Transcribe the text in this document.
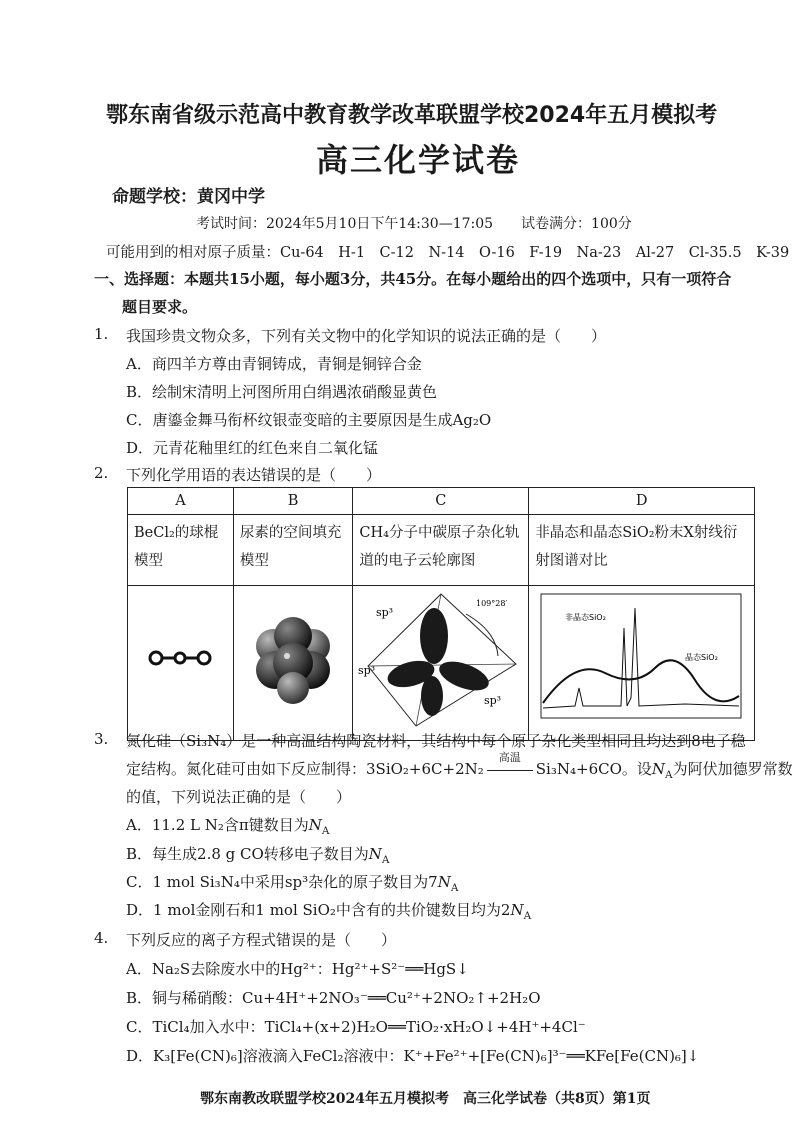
鄂东南省级示范高中教育教学改革联盟学校2024年五月模拟考
高三化学试卷
命题学校：黄冈中学
考试时间：2024年5月10日下午14:30—17:05　　试卷满分：100分
可能用到的相对原子质量：Cu-64　H-1　C-12　N-14　O-16　F-19　Na-23　Al-27　Cl-35.5　K-39
一、选择题：本题共15小题，每小题3分，共45分。在每小题给出的四个选项中，只有一项符合
题目要求。
1. 我国珍贵文物众多，下列有关文物中的化学知识的说法正确的是（　　）
A．商四羊方尊由青铜铸成，青铜是铜锌合金
B．绘制宋清明上河图所用白绢遇浓硝酸显黄色
C．唐鎏金舞马衔杯纹银壶变暗的主要原因是生成Ag₂O
D．元青花釉里红的红色来自二氧化锰
2. 下列化学用语的表达错误的是（　　）
A	B	C	D
BeCl₂的球棍模型	尿素的空间填充模型	CH₄分子中碳原子杂化轨道的电子云轮廓图	非晶态和晶态SiO₂粉末X射线衍射图谱对比

sp³
sp³
sp³
109°28′	非晶态SiO₂
晶态SiO₂
3. 氮化硅（Si₃N₄）是一种高温结构陶瓷材料，其结构中每个原子杂化类型相同且均达到8电子稳
定结构。氮化硅可由如下反应制得：3SiO₂+6C+2N₂
高温
Si₃N₄+6CO。设$N_A$为阿伏加德罗常数
的值，下列说法正确的是（　　）
A．11.2 L N₂含π键数目为$N_A$
B．每生成2.8 g CO转移电子数目为$N_A$
C．1 mol Si₃N₄中采用sp³杂化的原子数目为$7N_A$
D．1 mol金刚石和1 mol SiO₂中含有的共价键数目均为$2N_A$
4. 下列反应的离子方程式错误的是（　　）
A．Na₂S去除废水中的Hg²⁺：Hg²⁺+S²⁻══HgS↓
B．铜与稀硝酸：Cu+4H⁺+2NO₃⁻══Cu²⁺+2NO₂↑+2H₂O
C．TiCl₄加入水中：TiCl₄+(x+2)H₂O══TiO₂·xH₂O↓+4H⁺+4Cl⁻
D．K₃[Fe(CN)₆]溶液滴入FeCl₂溶液中：K⁺+Fe²⁺+[Fe(CN)₆]³⁻══KFe[Fe(CN)₆]↓
鄂东南教改联盟学校2024年五月模拟考　高三化学试卷（共8页）第1页
